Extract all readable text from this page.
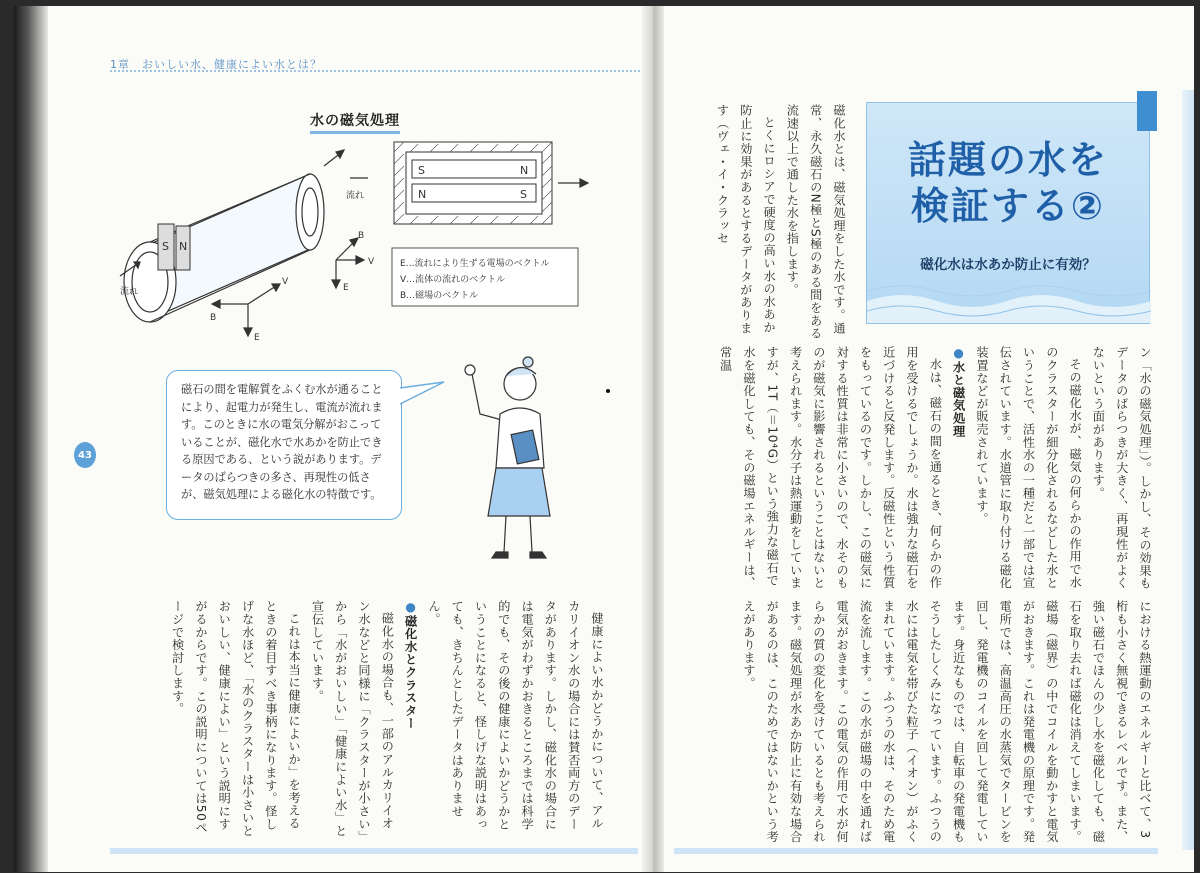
1章　おいしい水、健康によい水とは？
43
水の磁気処理
S N
流れ
流れ
S	N
N	S
E…流れにより生ずる電場のベクトル
V…流体の流れのベクトル
B…磁場のベクトル
B
V
E
V
B
E
磁石の間を電解質をふくむ水が通ることにより、起電力が発生し、電流が流れます。このときに水の電気分解がおこっていることが、磁化水で水あかを防止できる原因である、という説があります。データのばらつきの多さ、再現性の低さが、磁気処理による磁化水の特徴です。

健康によい水かどうかについて、アルカリイオン水の場合には賛否両方のデータがあります。しかし、磁化水の場合には電気がわずかおきるところまでは科学的でも、その後の健康によいかどうかということになると、怪しげな説明はあっても、きちんとしたデータはありません。

●磁化水とクラスター

磁化水の場合も、一部のアルカリイオン水などと同様に「クラスターが小さい」から「水がおいしい」「健康によい水」と宣伝しています。

これは本当に健康によいか」を考えるときの着目すべき事柄になります。怪しげな水ほど、「水のクラスターは小さいとおいしい、健康によい」という説明にすがるからです。この説明については50ページで検討します。

磁化水とは、磁気処理をした水です。通常、永久磁石のN極とS極のある間をある流速以上で通した水を指します。

とくにロシアで硬度の高い水の水あか防止に効果があるとするデータがあります（ヴェ・イ・クラッセ	話題の水を
検証する②
磁化水は水あか防止に有効？

ン「水の磁気処理」）。しかし、その効果もデータのばらつきが大きく、再現性がよくないという面があります。

その磁化水が、磁気の何らかの作用で水のクラスターが細分化されるなどした水ということで、活性水の一種だと一部では宣伝されています。水道管に取り付ける磁化装置などが販売されています。

●水と磁気処理

水は、磁石の間を通るとき、何らかの作用を受けるでしょうか。水は強力な磁石を近づけると反発します。反磁性という性質をもっているのです。しかし、この磁気に対する性質は非常に小さいので、水そのものが磁気に影響されるということはないと考えられます。水分子は熱運動をしていますが、1T（＝10⁴G）という強力な磁石で水を磁化しても、その磁場エネルギーは、常温

における熱運動のエネルギーと比べて、3桁も小さく無視できるレベルです。また、強い磁石でほんの少し水を磁化しても、磁石を取り去れば磁化は消えてしまいます。磁場（磁界）の中でコイルを動かすと電気がおきます。これは発電機の原理です。発電所では、高温高圧の水蒸気でタービンを回し、発電機のコイルを回して発電しています。身近なものでは、自転車の発電機もそうしたしくみになっています。ふつうの水には電気を帯びた粒子（イオン）がふくまれています。ふつうの水は、そのため電流を流します。この水が磁場の中を通れば電気がおきます。この電気の作用で水が何らかの質の変化を受けているとも考えられます。磁気処理が水あか防止に有効な場合があるのは、このためではないかという考えがあります。
